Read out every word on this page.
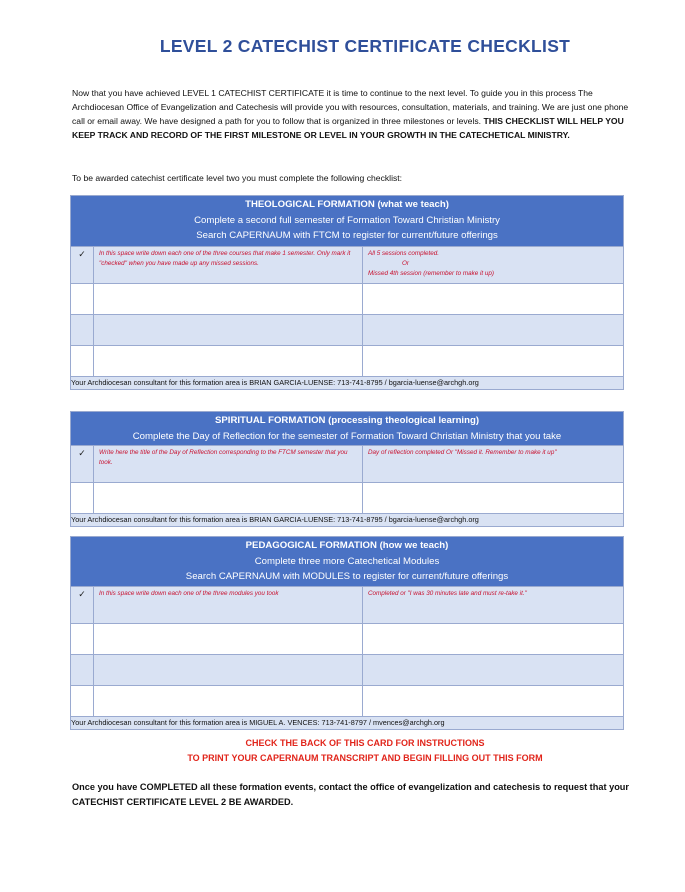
LEVEL 2 CATECHIST CERTIFICATE CHECKLIST
Now that you have achieved LEVEL 1 CATECHIST CERTIFICATE it is time to continue to the next level. To guide you in this process The Archdiocesan Office of Evangelization and Catechesis will provide you with resources, consultation, materials, and training. We are just one phone call or email away. We have designed a path for you to follow that is organized in three milestones or levels. THIS CHECKLIST WILL HELP YOU KEEP TRACK AND RECORD OF THE FIRST MILESTONE OR LEVEL IN YOUR GROWTH IN THE CATECHETICAL MINISTRY.
To be awarded catechist certificate level two you must complete the following checklist:
THEOLOGICAL FORMATION (what we teach)
Complete a second full semester of Formation Toward Christian Ministry
Search CAPERNAUM with FTCM to register for current/future offerings		

✓	In this space write down each one of the three courses that make 1 semester. Only mark it "checked" when you have made up any missed sessions.	All 5 sessions completed.
Or
Missed 4th session (remember to make it up)

Your Archdiocesan consultant for this formation area is BRIAN GARCIA-LUENSE: 713-741-8795 / bgarcia-luense@archgh.org		
SPIRITUAL FORMATION (processing theological learning)
Complete the Day of Reflection for the semester of Formation Toward Christian Ministry that you take		

✓	Write here the title of the Day of Reflection corresponding to the FTCM semester that you took.	Day of reflection completed Or "Missed it. Remember to make it up"

Your Archdiocesan consultant for this formation area is BRIAN GARCIA-LUENSE: 713-741-8795 / bgarcia-luense@archgh.org		
PEDAGOGICAL FORMATION (how we teach)
Complete three more Catechetical Modules
Search CAPERNAUM with MODULES to register for current/future offerings		

✓	In this space write down each one of the three modules you took	Completed or "I was 30 minutes late and must re-take it."

Your Archdiocesan consultant for this formation area is MIGUEL A. VENCES: 713-741-8797 / mvences@archgh.org		
CHECK THE BACK OF THIS CARD FOR INSTRUCTIONS
TO PRINT YOUR CAPERNAUM TRANSCRIPT AND BEGIN FILLING OUT THIS FORM
Once you have COMPLETED all these formation events, contact the office of evangelization and catechesis to request that your CATECHIST CERTIFICATE LEVEL 2 BE AWARDED.
